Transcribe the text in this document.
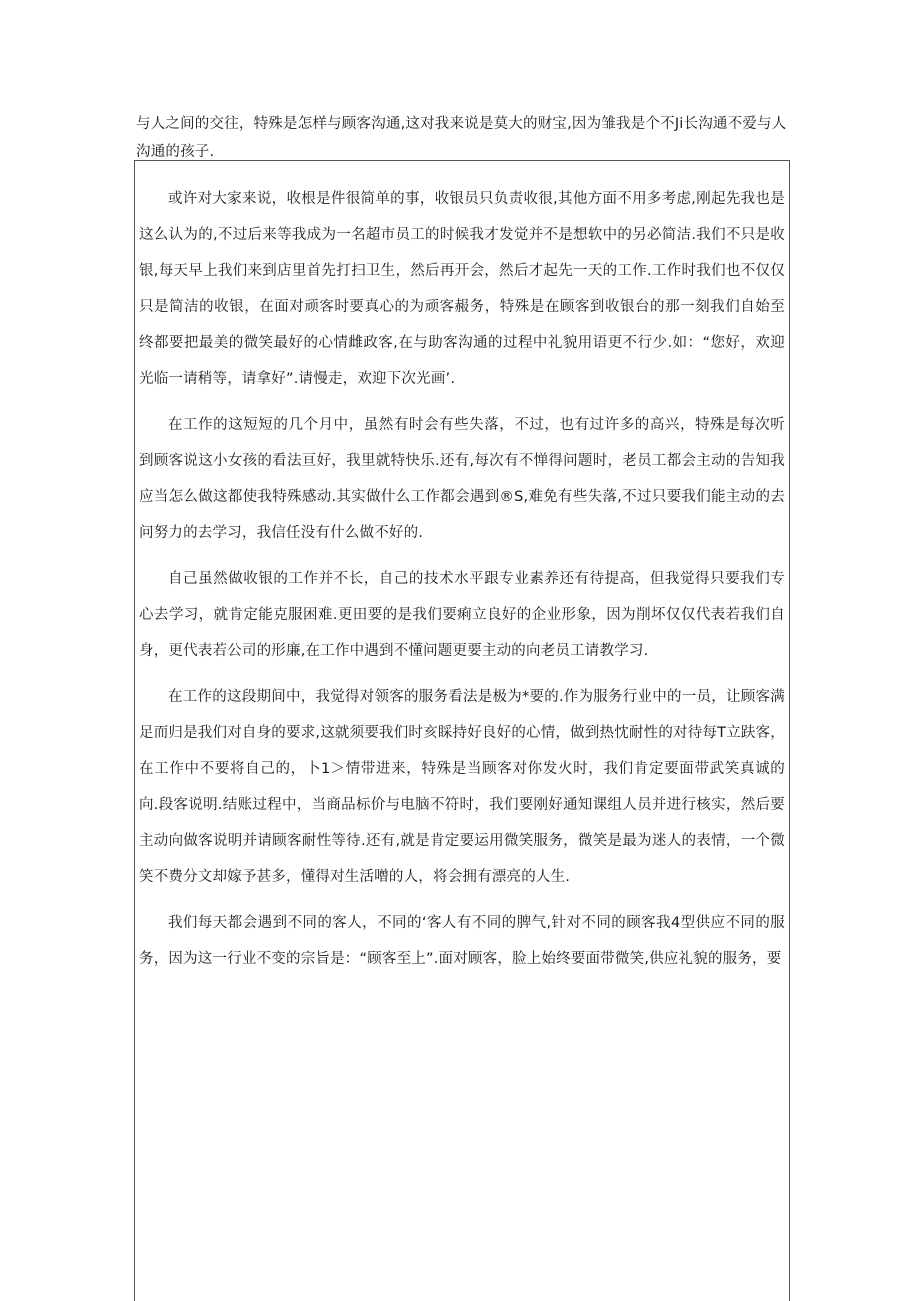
与人之间的交往，特殊是怎样与顾客沟通,这对我来说是莫大的财宝,因为雏我是个不Ji长沟通不爱与人

沟通的孩子.

或许对大家来说，收根是件很简单的事，收银员只负责收很,其他方面不用多考虑,刚起先我也是这么认为的,不过后来等我成为一名超市员工的时候我才发觉并不是想软中的另必简洁.我们不只是收银,每天早上我们来到店里首先打扫卫生，然后再开会，然后才起先一天的工作.工作时我们也不仅仅只是简洁的收银，在面对顽客时要真心的为顽客赧务，特殊是在顾客到收银台的那一刻我们自始至终都要把最美的微笑最好的心情雌政客,在与助客沟通的过程中礼貌用语更不行少.如：“您好，欢迎光临一请稍等，请拿好”.请慢走，欢迎下次光画’.

在工作的这短短的几个月中，虽然有时会有些失落，不过，也有过许多的高兴，特殊是每次听到顾客说这小女孩的看法亘好，我里就特快乐.还有,每次有不惮得问题时，老员工都会主动的告知我应当怎么做这都使我特殊感动.其实做什么工作都会遇到®S,难免有些失落,不过只要我们能主动的去问努力的去学习，我信任没有什么做不好的.

自己虽然做收银的工作并不长，自己的技术水平跟专业素养还有待提高，但我觉得只要我们专心去学习，就肯定能克服困难.更田要的是我们要痢立良好的企业形象，因为削坏仅仅代表若我们自身，更代表若公司的形廉,在工作中遇到不懂问题更要主动的向老员工请教学习.

在工作的这段期间中，我觉得对领客的服务看法是极为*要的.作为服务行业中的一员，让顾客满足而归是我们对自身的要求,这就须要我们时亥睬持好良好的心情，做到热忱耐性的对待每T立趺客，在工作中不要将自己的，卜1＞情带进来，特殊是当顾客对你发火时，我们肯定要面带武笑真诚的向.段客说明.结账过程中，当商品标价与电脑不符时，我们要刚好通知课组人员并进行核实，然后要主动向做客说明并请顾客耐性等待.还有,就是肯定要运用微笑服务，微笑是最为迷人的表情，一个微笑不费分文却嫁予甚多，懂得对生活噌的人，将会拥有漂亮的人生.

我们每天都会遇到不同的客人，不同的‘客人有不同的脾气,针对不同的顾客我4型供应不同的服务，因为这一行业不变的宗旨是：“顾客至上”.面对顾客，脸上始终要面带微笑,供应礼貌的服务，要
